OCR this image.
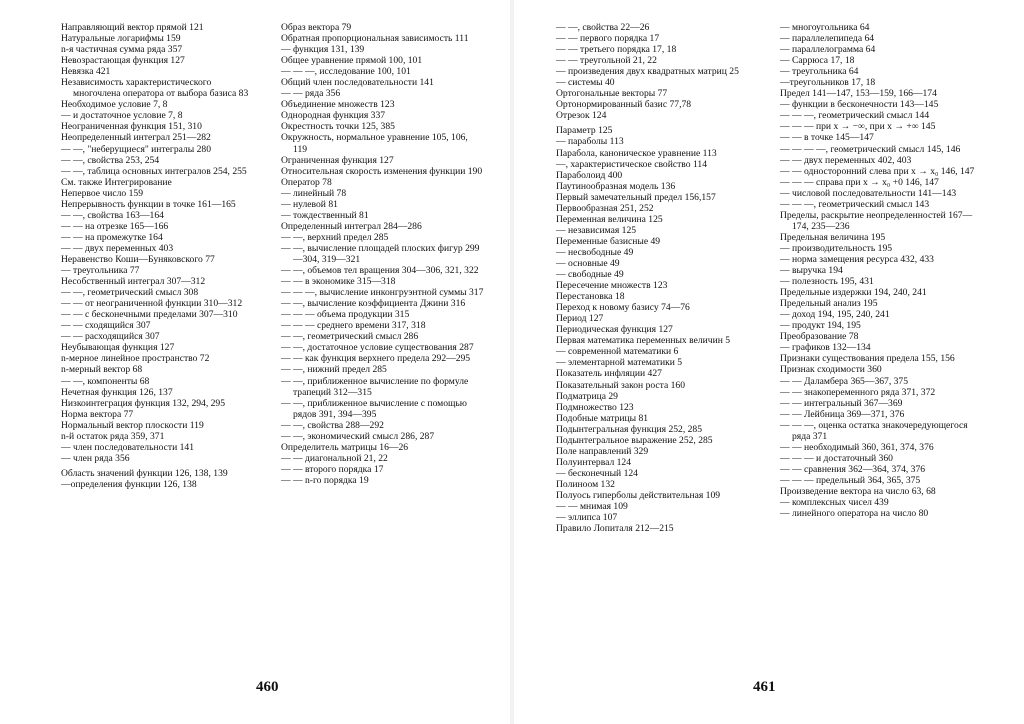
Направляющий вектор прямой 121

Натуральные логарифмы 159

n-я частичная сумма ряда 357

Невозрастающая функция 127

Невязка 421

Независимость характеристического многочлена оператора от выбора базиса 83

Необходимое условие 7, 8

— и достаточное условие 7, 8

Неограниченная функция 151, 310

Неопределенный интеграл 251—282

— —, "неберущиеся" интегралы 280

— —, свойства 253, 254

— —, таблица основных интегралов 254, 255

См. также Интегрирование

Непервое число 159

Непрерывность функции в точке 161—165

— —, свойства 163—164

— — на отрезке 165—166

— — на промежутке 164

— — двух переменных 403

Неравенство Коши—Буняковского 77

— треугольника 77

Несобственный интеграл 307—312

— —, геометрический смысл 308

— — от неограниченной функции 310—312

— — с бесконечными пределами 307—310

— — сходящийся 307

— — расходящийся 307

Неубывающая функция 127

n-мерное линейное пространство 72

n-мерный вектор 68

— —, компоненты 68

Нечетная функция 126, 137

Низкоинтеграция функция 132, 294, 295

Норма вектора 77

Нормальный вектор плоскости 119

n-й остаток ряда 359, 371

— член последовательности 141

— член ряда 356

Область значений функции 126, 138, 139

—определения функции 126, 138

Образ вектора 79

Обратная пропорциональная зависимость 111

— функция 131, 139

Общее уравнение прямой 100, 101

— — —, исследование 100, 101

Общий член последовательности 141

— — ряда 356

Объединение множеств 123

Однородная функция 337

Окрестность точки 125, 385

Окружность, нормальное уравнение 105, 106, 119

Ограниченная функция 127

Относительная скорость изменения функции 190

Оператор 78

— линейный 78

— нулевой 81

— тождественный 81

Определенный интеграл 284—286

— —, верхний предел 285

— —, вычисление площадей плоских фигур 299—304, 319—321

— —, объемов тел вращения 304—306, 321, 322

— — в экономике 315—318

— — —, вычисление инконгруэнтной суммы 317

— —, вычисление коэффициента Джини 316

— — — объема продукции 315

— — — среднего времени 317, 318

— —, геометрический смысл 286

— —, достаточное условие существования 287

— — как функция верхнего предела 292—295

— —, нижний предел 285

— —, приближенное вычисление по формуле трапеций 312—315

— —, приближенное вычисление с помощью рядов 391, 394—395

— —, свойства 288—292

— —, экономический смысл 286, 287

Определитель матрицы 16—26

— — диагональной 21, 22

— — второго порядка 17

— — n-го порядка 19

— —, свойства 22—26

— — первого порядка 17

— — третьего порядка 17, 18

— — треугольной 21, 22

— произведения двух квадратных матриц 25

— системы 40

Ортогональные векторы 77

Ортонормированный базис 77,78

Отрезок 124

Параметр 125

— параболы 113

Парабола, каноническое уравнение 113

—, характеристическое свойство 114

Параболоид 400

Паутинообразная модель 136

Первый замечательный предел 156,157

Первообразная 251, 252

Переменная величина 125

— независимая 125

Переменные базисные 49

— несвободные 49

— основные 49

— свободные 49

Пересечение множеств 123

Перестановка 18

Переход к новому базису 74—76

Период 127

Периодическая функция 127

Первая математика переменных величин 5

— современной математики 6

— элементарной математики 5

Показатель инфляции 427

Показательный закон роста 160

Подматрица 29

Подмножество 123

Подобные матрицы 81

Подынтегральная функция 252, 285

Подынтегральное выражение 252, 285

Поле направлений 329

Полуинтервал 124

— бесконечный 124

Полиноом 132

Полуось гиперболы действительная 109

— — мнимая 109

— эллипса 107

Правило Лопиталя 212—215

— многоугольника 64

— параллелепипеда 64

— параллелограмма 64

— Саррюса 17, 18

— треугольника 64

—треугольников 17, 18

Предел 141—147, 153—159, 166—174

— функции в бесконечности 143—145

— — —, геометрический смысл 144

— — — при x → −∞, при x → +∞ 145

— — в точке 145—147

— — — —, геометрический смысл 145, 146

— — двух переменных 402, 403

— — односторонний слева при x → x₀ 146, 147

— — — справа при x → x₀ +0 146, 147

— числовой последовательности 141—143

— — —, геометрический смысл 143

Пределы, раскрытие неопределенностей 167—174, 235—236

Предельная величина 195

— производительность 195

— норма замещения ресурса 432, 433

— выручка 194

— полезность 195, 431

Предельные издержки 194, 240, 241

Предельный анализ 195

— доход 194, 195, 240, 241

— продукт 194, 195

Преобразование 78

— графиков 132—134

Признаки существования предела 155, 156

Признак сходимости 360

— — Даламбера 365—367, 375

— — знакопеременного ряда 371, 372

— — интегральный 367—369

— — Лейбница 369—371, 376

— — —, оценка остатка знакочередующегося ряда 371

— — необходимый 360, 361, 374, 376

— — — и достаточный 360

— — сравнения 362—364, 374, 376

— — — предельный 364, 365, 375

Произведение вектора на число 63, 68

— комплексных чисел 439

— линейного оператора на число 80

460	461
